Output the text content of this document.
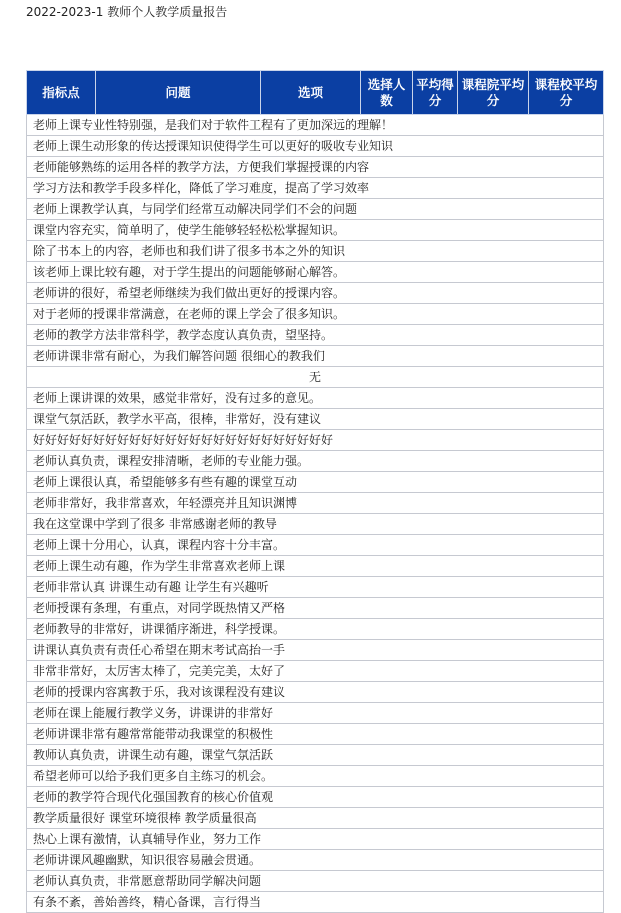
2022-2023-1 教师个人教学质量报告
指标点	问题	选项	选择人数	平均得分	课程院平均分	课程校平均分
老师上课专业性特别强，是我们对于软件工程有了更加深远的理解！
老师上课生动形象的传达授课知识使得学生可以更好的吸收专业知识
老师能够熟练的运用各样的教学方法，方便我们掌握授课的内容
学习方法和教学手段多样化，降低了学习难度，提高了学习效率
老师上课教学认真，与同学们经常互动解决同学们不会的问题
课堂内容充实，简单明了，使学生能够轻轻松松掌握知识。
除了书本上的内容，老师也和我们讲了很多书本之外的知识
该老师上课比较有趣，对于学生提出的问题能够耐心解答。
老师讲的很好，希望老师继续为我们做出更好的授课内容。
对于老师的授课非常满意，在老师的课上学会了很多知识。
老师的教学方法非常科学，教学态度认真负责，望坚持。
老师讲课非常有耐心，为我们解答问题 很细心的教我们
无
老师上课讲课的效果，感觉非常好，没有过多的意见。
课堂气氛活跃，教学水平高，很棒，非常好，没有建议
好好好好好好好好好好好好好好好好好好好好好好好好好
老师认真负责，课程安排清晰，老师的专业能力强。
老师上课很认真，希望能够多有些有趣的课堂互动
老师非常好，我非常喜欢，年轻漂亮并且知识渊博
我在这堂课中学到了很多 非常感谢老师的教导
老师上课十分用心，认真，课程内容十分丰富。
老师上课生动有趣，作为学生非常喜欢老师上课
老师非常认真 讲课生动有趣 让学生有兴趣听
老师授课有条理，有重点，对同学既热情又严格
老师教导的非常好，讲课循序渐进，科学授课。
讲课认真负责有责任心希望在期末考试高抬一手
非常非常好，太厉害太棒了，完美完美，太好了
老师的授课内容寓教于乐，我对该课程没有建议
老师在课上能履行教学义务，讲课讲的非常好
老师讲课非常有趣常常能带动我课堂的积极性
教师认真负责，讲课生动有趣，课堂气氛活跃
希望老师可以给予我们更多自主练习的机会。
老师的教学符合现代化强国教育的核心价值观
教学质量很好 课堂环境很棒 教学质量很高
热心上课有激情，认真辅导作业，努力工作
老师讲课风趣幽默，知识很容易融会贯通。
老师认真负责，非常愿意帮助同学解决问题
有条不紊，善始善终，精心备课，言行得当
